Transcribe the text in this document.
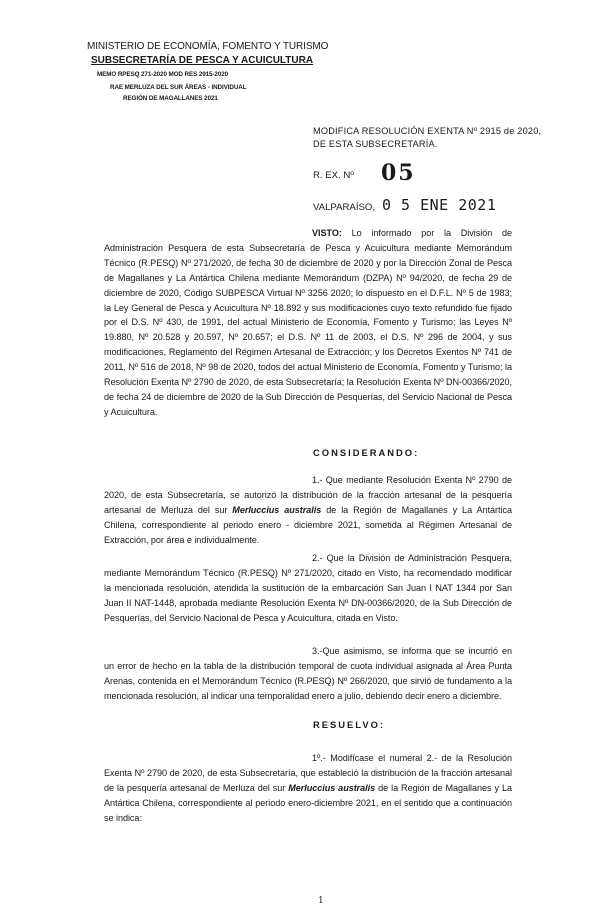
MINISTERIO DE ECONOMÍA, FOMENTO Y TURISMO
SUBSECRETARÍA DE PESCA Y ACUICULTURA
MEMO RPESQ 271-2020 MOD RES 2915-2020
RAE MERLUZA DEL SUR ÁREAS - INDIVIDUAL
REGIÓN DE MAGALLANES 2021
MODIFICA RESOLUCIÓN EXENTA Nº 2915 de 2020,
DE ESTA SUBSECRETARÍA.
R. EX. Nº 05
VALPARAÍSO, 0 5 ENE 2021
VISTO: Lo informado por la División de Administración Pesquera de esta Subsecretaría de Pesca y Acuicultura mediante Memorándum Técnico (R.PESQ) Nº 271/2020, de fecha 30 de diciembre de 2020 y por la Dirección Zonal de Pesca de Magallanes y La Antártica Chilena mediante Memorándum (DZPA) Nº 94/2020, de fecha 29 de diciembre de 2020, Código SUBPESCA Virtual Nº 3256 2020; lo dispuesto en el D.F.L. Nº 5 de 1983; la Ley General de Pesca y Acuicultura Nº 18.892 y sus modificaciones cuyo texto refundido fue fijado por el D.S. Nº 430, de 1991, del actual Ministerio de Economía, Fomento y Turismo; las Leyes Nº 19.880, Nº 20.528 y 20.597, Nº 20.657; el D.S. Nº 11 de 2003, el D.S. Nº 296 de 2004, y sus modificaciones, Reglamento del Régimen Artesanal de Extracción; y los Decretos Exentos Nº 741 de 2011, Nº 516 de 2018, Nº 98 de 2020, todos del actual Ministerio de Economía, Fomento y Turismo; la Resolución Exenta Nº 2790 de 2020, de esta Subsecretaría; la Resolución Exenta Nº DN-00366/2020, de fecha 24 de diciembre de 2020 de la Sub Dirección de Pesquerías, del Servicio Nacional de Pesca y Acuicultura.
CONSIDERANDO:
1.- Que mediante Resolución Exenta Nº 2790 de 2020, de esta Subsecretaría, se autorizó la distribución de la fracción artesanal de la pesquería artesanal de Merluza del sur Merluccius australis de la Región de Magallanes y La Antártica Chilena, correspondiente al periodo enero - diciembre 2021, sometida al Régimen Artesanal de Extracción, por área e individualmente.
2.- Que la División de Administración Pesquera, mediante Memorándum Técnico (R.PESQ) Nº 271/2020, citado en Visto, ha recomendado modificar la mencionada resolución, atendida la sustitución de la embarcación San Juan I NAT 1344 por San Juan II NAT-1448, aprobada mediante Resolución Exenta Nº DN-00366/2020, de la Sub Dirección de Pesquerías, del Servicio Nacional de Pesca y Acuicultura, citada en Visto.
3.-Que asimismo, se informa que se incurrió en un error de hecho en la tabla de la distribución temporal de cuota individual asignada al Área Punta Arenas, contenida en el Memorándum Técnico (R.PESQ) Nº 266/2020, que sirvió de fundamento a la mencionada resolución, al indicar una temporalidad enero a julio, debiendo decir enero a diciembre.
RESUELVO:
1º.- Modifícase el numeral 2.- de la Resolución Exenta Nº 2790 de 2020, de esta Subsecretaría, que estableció la distribución de la fracción artesanal de la pesquería artesanal de Merluza del sur Merluccius australis de la Región de Magallanes y La Antártica Chilena, correspondiente al periodo enero-diciembre 2021, en el sentido que a continuación se indica:
1
